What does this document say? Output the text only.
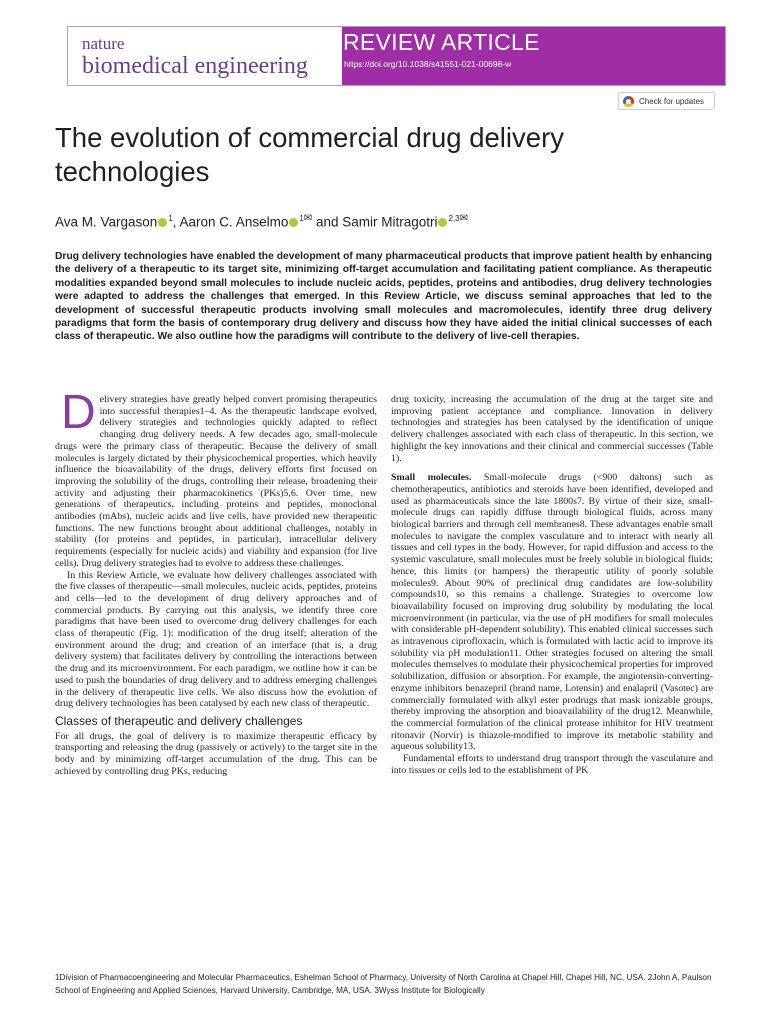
nature
biomedical engineering
REVIEW ARTICLE
https://doi.org/10.1038/s41551-021-00698-w
Check for updates
The evolution of commercial drug delivery technologies
Ava M. Vargason $^1$, Aaron C. Anselmo $^{1✉}$ and Samir Mitragotri $^{2,3✉}$
Drug delivery technologies have enabled the development of many pharmaceutical products that improve patient health by enhancing the delivery of a therapeutic to its target site, minimizing off-target accumulation and facilitating patient compliance. As therapeutic modalities expanded beyond small molecules to include nucleic acids, peptides, proteins and antibodies, drug delivery technologies were adapted to address the challenges that emerged. In this Review Article, we discuss seminal approaches that led to the development of successful therapeutic products involving small molecules and macromolecules, identify three drug delivery paradigms that form the basis of contemporary drug delivery and discuss how they have aided the initial clinical successes of each class of therapeutic. We also outline how the paradigms will contribute to the delivery of live-cell therapies.
D elivery strategies have greatly helped convert promising therapeutics into successful therapies1–4. As the therapeutic landscape evolved, delivery strategies and technologies quickly adapted to reflect changing drug delivery needs. A few decades ago, small-molecule drugs were the primary class of therapeutic. Because the delivery of small molecules is largely dictated by their physicochemical properties, which heavily influence the bioavailability of the drugs, delivery efforts first focused on improving the solubility of the drugs, controlling their release, broadening their activity and adjusting their pharmacokinetics (PKs)5,6. Over time, new generations of therapeutics, including proteins and peptides, monoclonal antibodies (mAbs), nucleic acids and live cells, have provided new therapeutic functions. The new functions brought about additional challenges, notably in stability (for proteins and peptides, in particular), intracellular delivery requirements (especially for nucleic acids) and viability and expansion (for live cells). Drug delivery strategies had to evolve to address these challenges.

In this Review Article, we evaluate how delivery challenges associated with the five classes of therapeutic—small molecules, nucleic acids, peptides, proteins and cells—led to the development of drug delivery approaches and of commercial products. By carrying out this analysis, we identify three core paradigms that have been used to overcome drug delivery challenges for each class of therapeutic (Fig. 1): modification of the drug itself; alteration of the environment around the drug; and creation of an interface (that is, a drug delivery system) that facilitates delivery by controlling the interactions between the drug and its microenvironment. For each paradigm, we outline how it can be used to push the boundaries of drug delivery and to address emerging challenges in the delivery of therapeutic live cells. We also discuss how the evolution of drug delivery technologies has been catalysed by each new class of therapeutic.

Classes of therapeutic and delivery challenges

For all drugs, the goal of delivery is to maximize therapeutic efficacy by transporting and releasing the drug (passively or actively) to the target site in the body and by minimizing off-target accumulation of the drug. This can be achieved by controlling drug PKs, reducing

drug toxicity, increasing the accumulation of the drug at the target site and improving patient acceptance and compliance. Innovation in delivery technologies and strategies has been catalysed by the identification of unique delivery challenges associated with each class of therapeutic. In this section, we highlight the key innovations and their clinical and commercial successes (Table 1).

Small molecules. Small-molecule drugs (<900 daltons) such as chemotherapeutics, antibiotics and steroids have been identified, developed and used as pharmaceuticals since the late 1800s7. By virtue of their size, small-molecule drugs can rapidly diffuse through biological fluids, across many biological barriers and through cell membranes8. These advantages enable small molecules to navigate the complex vasculature and to interact with nearly all tissues and cell types in the body. However, for rapid diffusion and access to the systemic vasculature, small molecules must be freely soluble in biological fluids; hence, this limits (or hampers) the therapeutic utility of poorly soluble molecules9. About 90% of preclinical drug candidates are low-solubility compounds10, so this remains a challenge. Strategies to overcome low bioavailability focused on improving drug solubility by modulating the local microenvironment (in particular, via the use of pH modifiers for small molecules with considerable pH-dependent solubility). This enabled clinical successes such as intravenous ciprofloxacin, which is formulated with lactic acid to improve its solubility via pH modulation11. Other strategies focused on altering the small molecules themselves to modulate their physicochemical properties for improved solubilization, diffusion or absorption. For example, the angiotensin-converting-enzyme inhibitors benazepril (brand name, Lotensin) and enalapril (Vasotec) are commercially formulated with alkyl ester prodrugs that mask ionizable groups, thereby improving the absorption and bioavailability of the drug12. Meanwhile, the commercial formulation of the clinical protease inhibitor for HIV treatment ritonavir (Norvir) is thiazole-modified to improve its metabolic stability and aqueous solubility13.

Fundamental efforts to understand drug transport through the vasculature and into tissues or cells led to the establishment of PK

1Division of Pharmacoengineering and Molecular Pharmaceutics, Eshelman School of Pharmacy, University of North Carolina at Chapel Hill, Chapel Hill, NC, USA. 2John A. Paulson School of Engineering and Applied Sciences, Harvard University, Cambridge, MA, USA. 3Wyss Institute for Biologically
